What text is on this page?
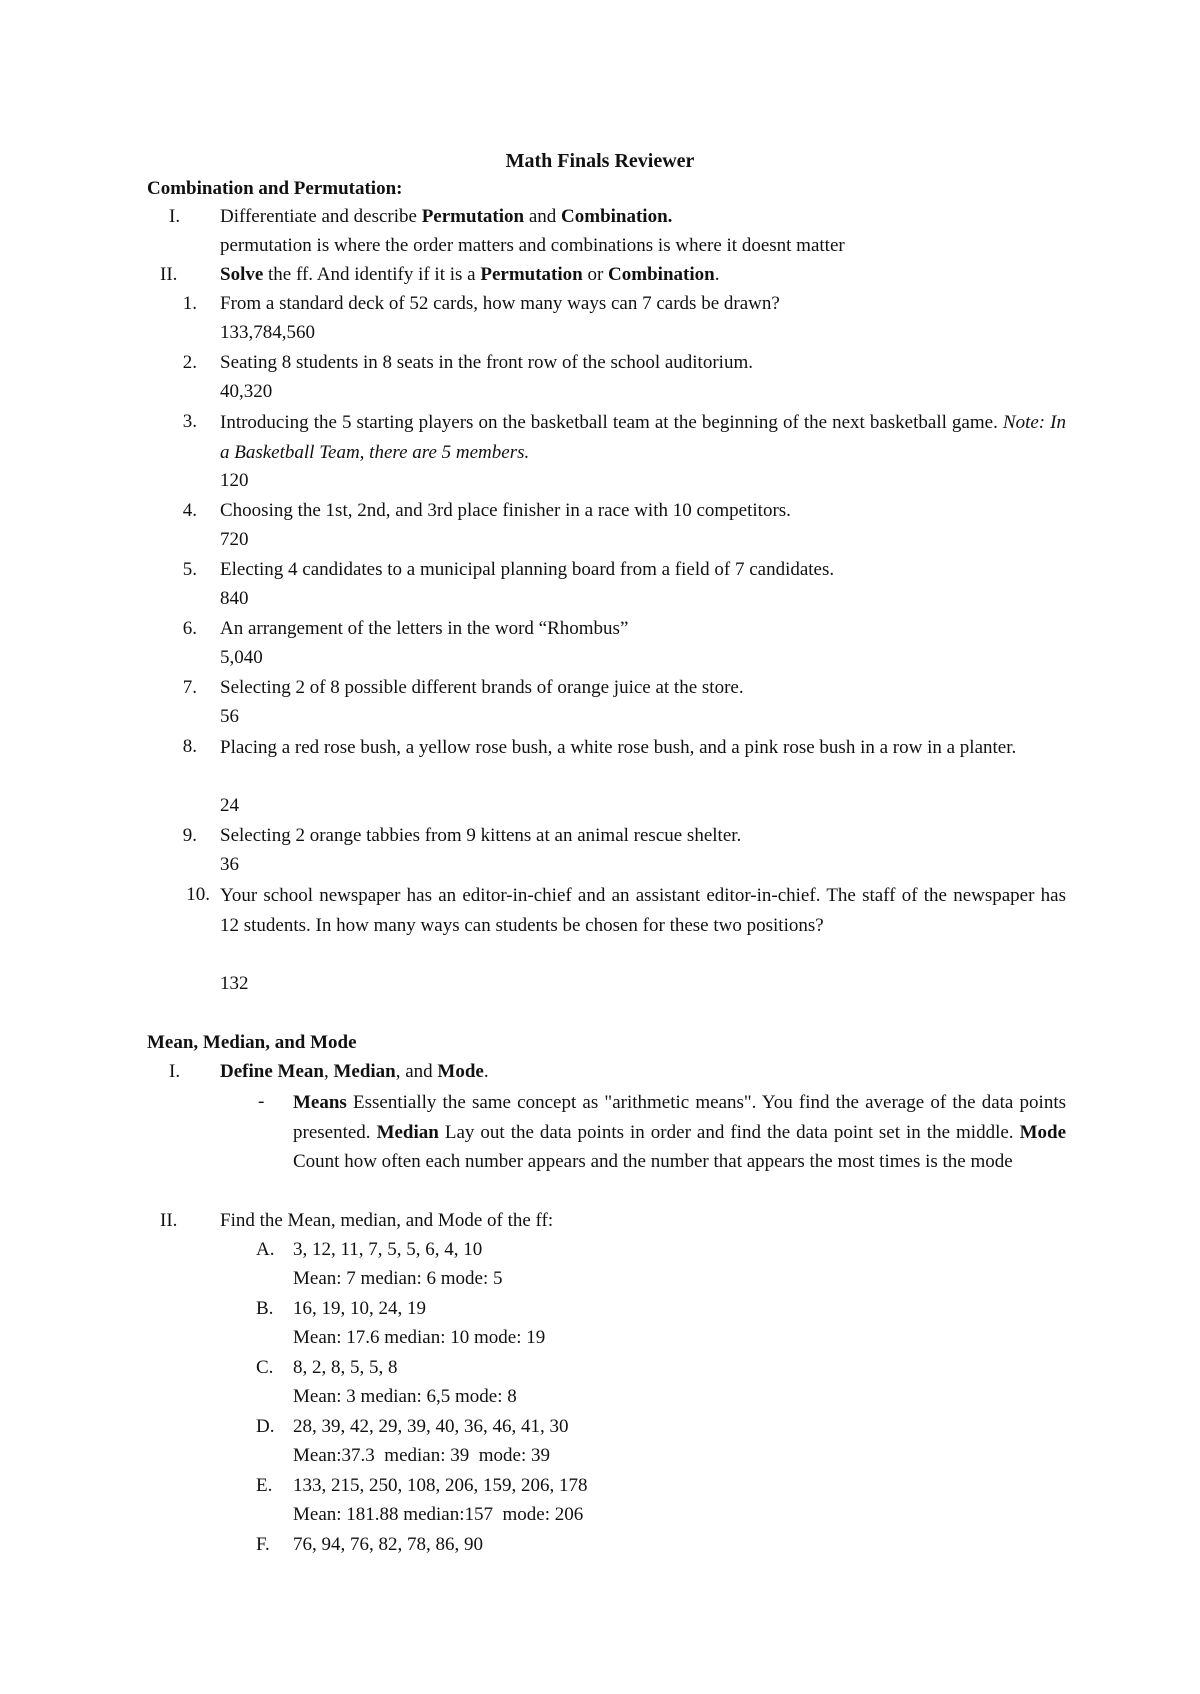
Math Finals Reviewer
Combination and Permutation:
I. Differentiate and describe Permutation and Combination.
permutation is where the order matters and combinations is where it doesnt matter
II. Solve the ff. And identify if it is a Permutation or Combination.
1. From a standard deck of 52 cards, how many ways can 7 cards be drawn?
133,784,560
2. Seating 8 students in 8 seats in the front row of the school auditorium.
40,320
3. Introducing the 5 starting players on the basketball team at the beginning of the next basketball game. Note: In a Basketball Team, there are 5 members.
120
4. Choosing the 1st, 2nd, and 3rd place finisher in a race with 10 competitors.
720
5. Electing 4 candidates to a municipal planning board from a field of 7 candidates.
840
6. An arrangement of the letters in the word “Rhombus”
5,040
7. Selecting 2 of 8 possible different brands of orange juice at the store.
56
8. Placing a red rose bush, a yellow rose bush, a white rose bush, and a pink rose bush in a row in a planter.
24
9. Selecting 2 orange tabbies from 9 kittens at an animal rescue shelter.
36
10. Your school newspaper has an editor-in-chief and an assistant editor-in-chief. The staff of the newspaper has 12 students. In how many ways can students be chosen for these two positions?
132
Mean, Median, and Mode
I. Define Mean, Median, and Mode.
- Means Essentially the same concept as "arithmetic means". You find the average of the data points presented. Median Lay out the data points in order and find the data point set in the middle. Mode Count how often each number appears and the number that appears the most times is the mode
II. Find the Mean, median, and Mode of the ff:
A. 3, 12, 11, 7, 5, 5, 6, 4, 10
Mean: 7 median: 6 mode: 5
B. 16, 19, 10, 24, 19
Mean: 17.6 median: 10 mode: 19
C. 8, 2, 8, 5, 5, 8
Mean: 3 median: 6,5 mode: 8
D. 28, 39, 42, 29, 39, 40, 36, 46, 41, 30
Mean:37.3  median: 39  mode: 39
E. 133, 215, 250, 108, 206, 159, 206, 178
Mean: 181.88 median:157  mode: 206
F. 76, 94, 76, 82, 78, 86, 90
